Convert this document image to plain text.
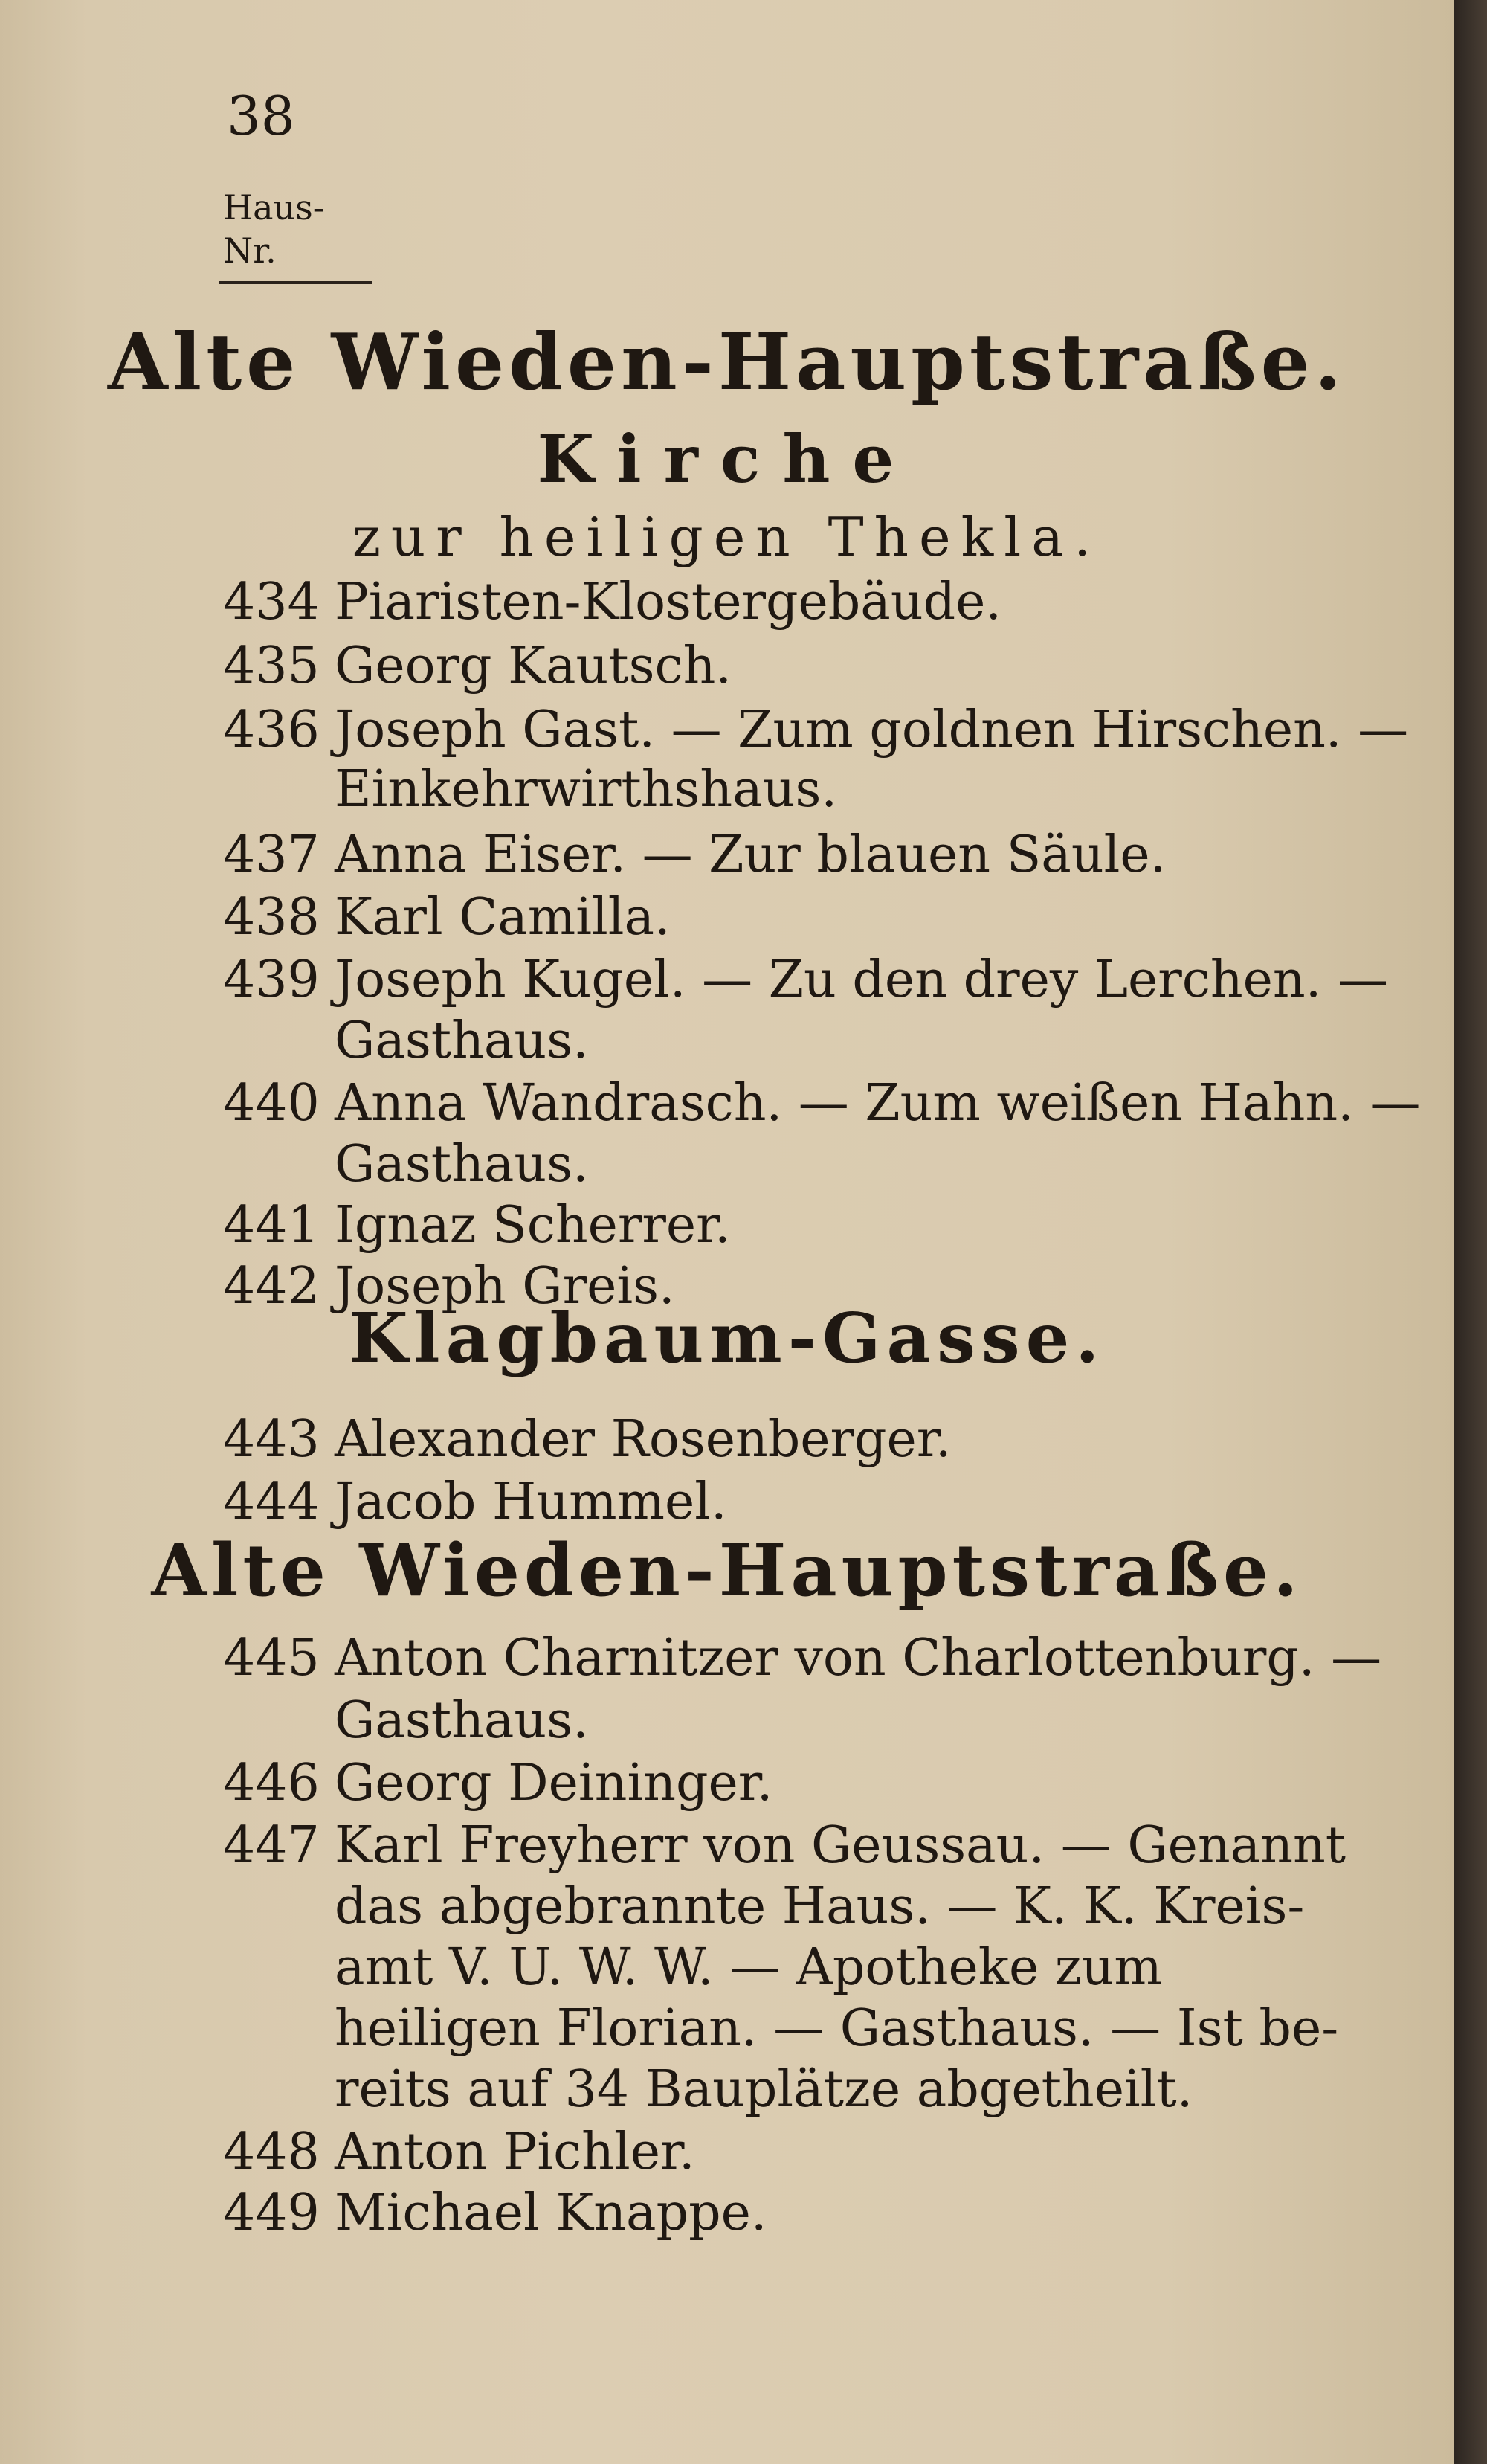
38
Haus-
Nr.
Alte Wieden-Hauptstraße.
Kirche
zur heiligen Thekla.
434 Piaristen-Klostergebäude.
435 Georg Kautsch.
436 Joseph Gast. — Zum goldnen Hirschen. —
Einkehrwirthshaus.
437 Anna Eiser. — Zur blauen Säule.
438 Karl Camilla.
439 Joseph Kugel. — Zu den drey Lerchen. —
Gasthaus.
440 Anna Wandrasch. — Zum weißen Hahn. —
Gasthaus.
441 Ignaz Scherrer.
442 Joseph Greis.
Klagbaum-Gasse.
443 Alexander Rosenberger.
444 Jacob Hummel.
Alte Wieden-Hauptstraße.
445 Anton Charnitzer von Charlottenburg. —
Gasthaus.
446 Georg Deininger.
447 Karl Freyherr von Geussau. — Genannt
das abgebrannte Haus. — K. K. Kreis-
amt V. U. W. W. — Apotheke zum
heiligen Florian. — Gasthaus. — Ist be-
reits auf 34 Bauplätze abgetheilt.
448 Anton Pichler.
449 Michael Knappe.
